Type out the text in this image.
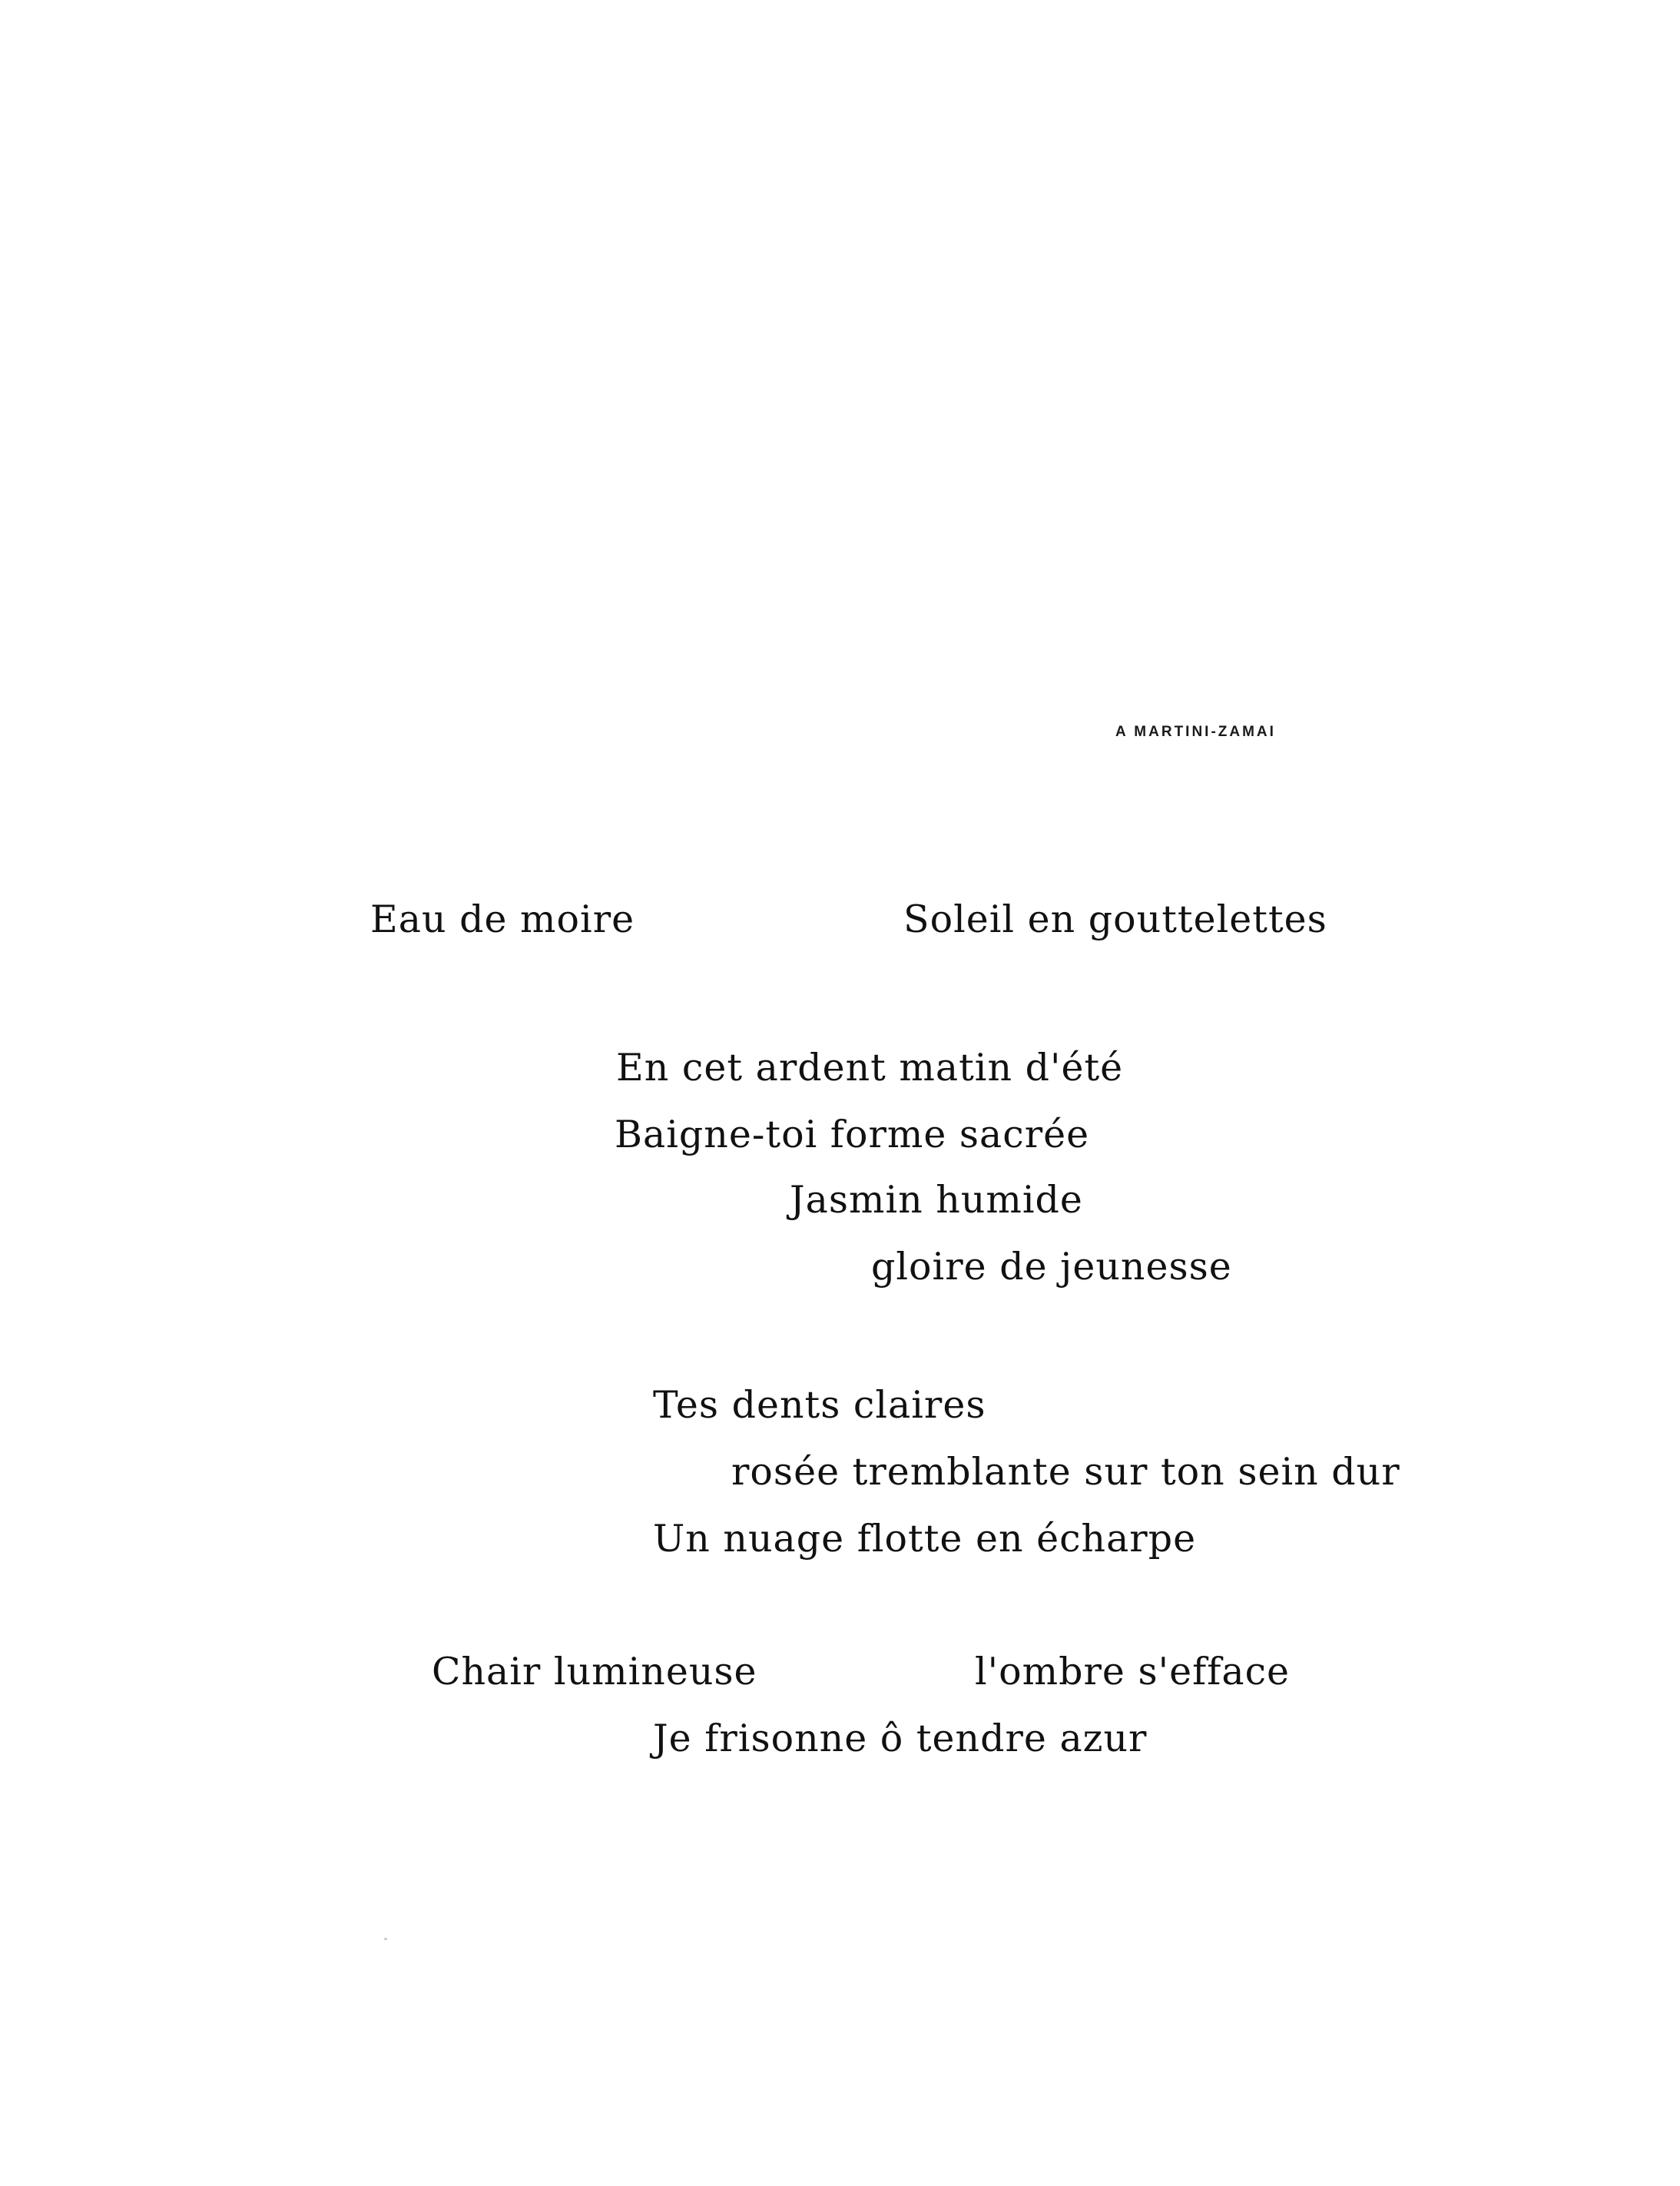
A MARTINI-ZAMAI
Eau de moire	Soleil en gouttelettes
En cet ardent matin d'été
Baigne-toi forme sacrée
Jasmin humide
gloire de jeunesse
Tes dents claires
rosée tremblante sur ton sein dur
Un nuage flotte en écharpe
Chair lumineuse	l'ombre s'efface
Je frisonne ô tendre azur
